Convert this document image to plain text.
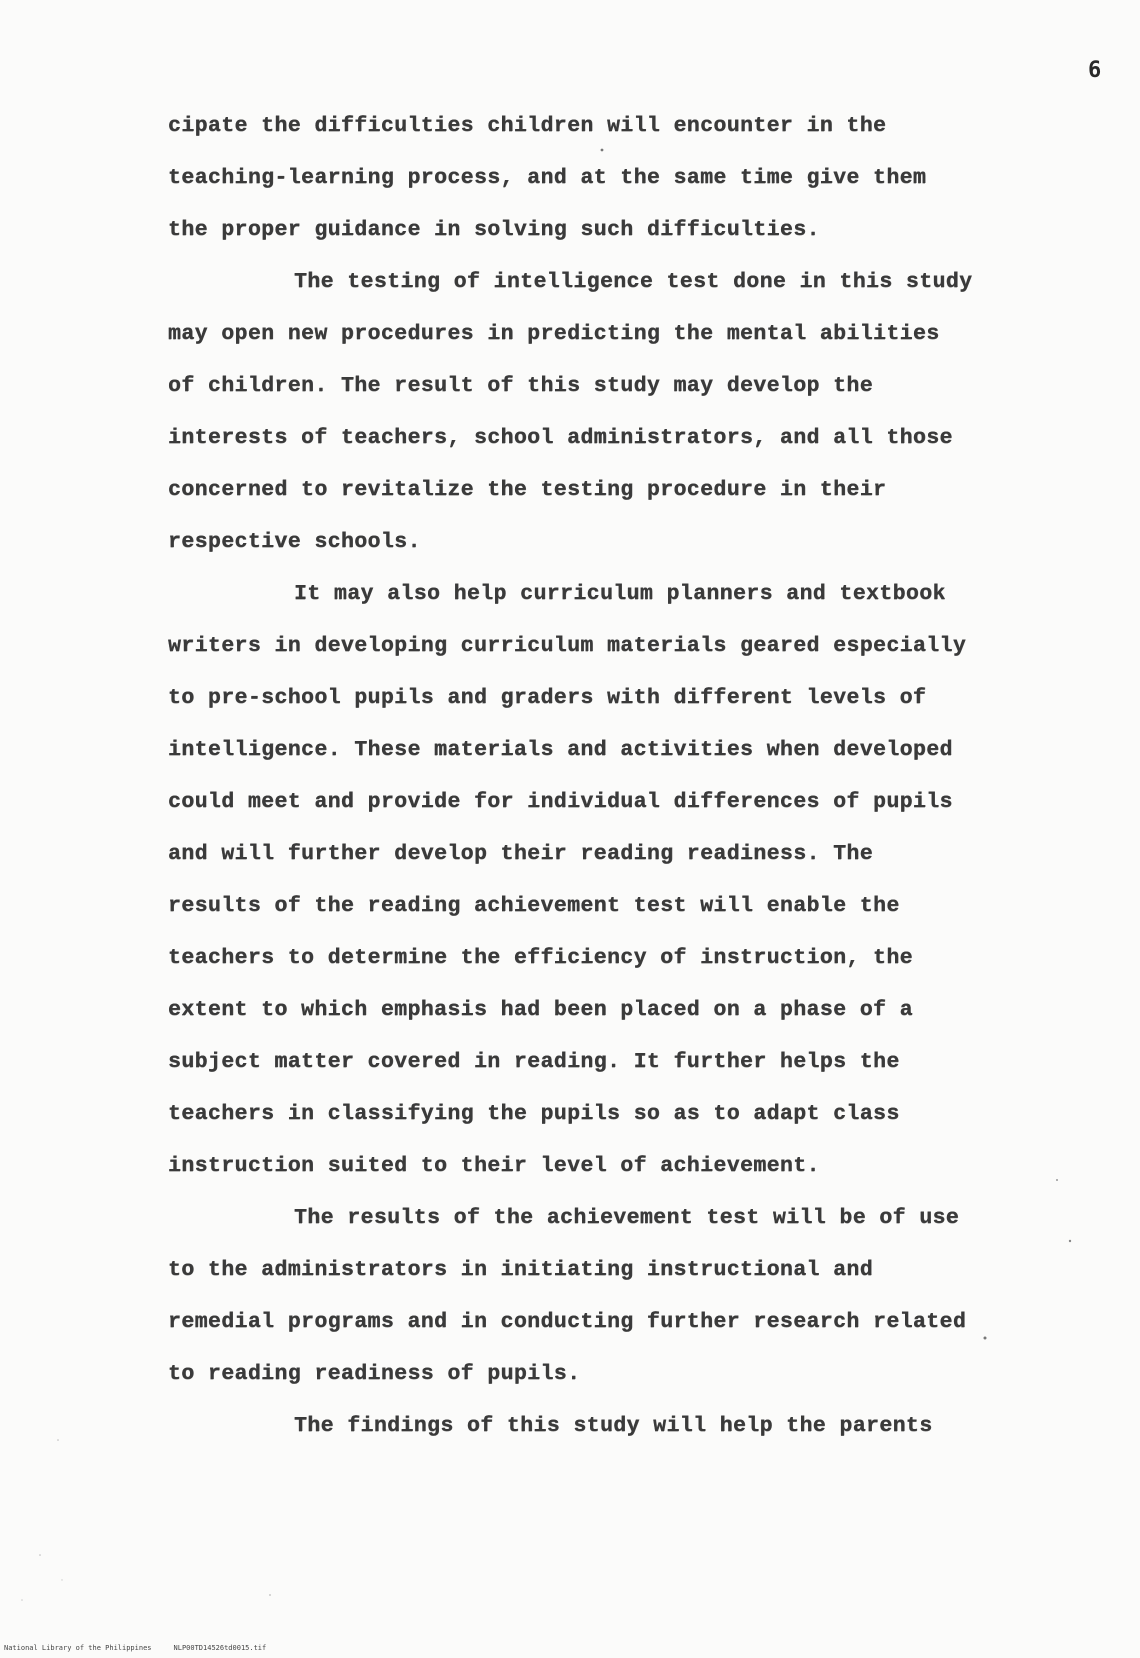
6
cipate the difficulties children will encounter in the
teaching-learning process, and at the same time give them
the proper guidance in solving such difficulties.
The testing of intelligence test done in this study
may open new procedures in predicting the mental abilities
of children. The result of this study may develop the
interests of teachers, school administrators, and all those
concerned to revitalize the testing procedure in their
respective schools.
It may also help curriculum planners and textbook
writers in developing curriculum materials geared especially
to pre-school pupils and graders with different levels of
intelligence. These materials and activities when developed
could meet and provide for individual differences of pupils
and will further develop their reading readiness. The
results of the reading achievement test will enable the
teachers to determine the efficiency of instruction, the
extent to which emphasis had been placed on a phase of a
subject matter covered in reading. It further helps the
teachers in classifying the pupils so as to adapt class
instruction suited to their level of achievement.
The results of the achievement test will be of use
to the administrators in initiating instructional and
remedial programs and in conducting further research related
to reading readiness of pupils.
The findings of this study will help the parents
National Library of the Philippines	NLP00TD14526td0015.tif
